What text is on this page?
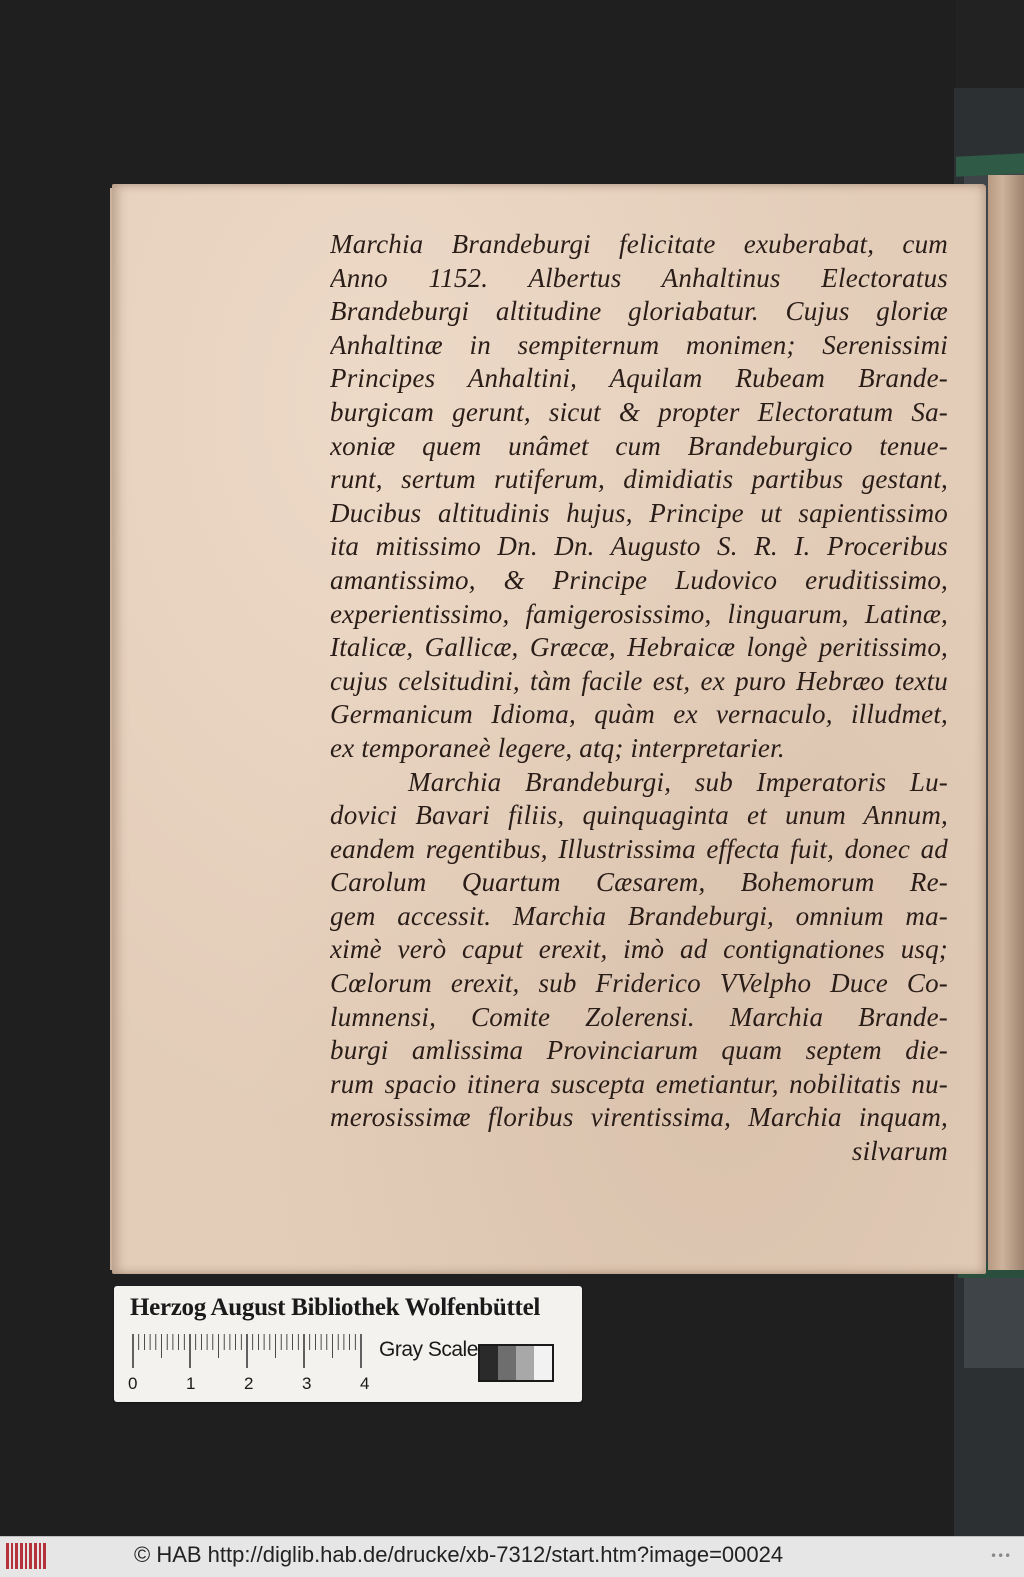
Marchia Brandeburgi felicitate exuberabat, cum
Anno 1152. Albertus Anhaltinus Electoratus
Brandeburgi altitudine gloriabatur. Cujus gloriæ
Anhaltinæ in sempiternum monimen; Serenissimi
Principes Anhaltini, Aquilam Rubeam Brande-
burgicam gerunt, sicut & propter Electoratum Sa-
xoniæ quem unâmet cum Brandeburgico tenue-
runt, sertum rutiferum, dimidiatis partibus gestant,
Ducibus altitudinis hujus, Principe ut sapientissimo
ita mitissimo Dn. Dn. Augusto S. R. I. Proceribus
amantissimo, & Principe Ludovico eruditissimo,
experientissimo, famigerosissimo, linguarum, Latinæ,
Italicæ, Gallicæ, Græcæ, Hebraicæ longè peritissimo,
cujus celsitudini, tàm facile est, ex puro Hebræo textu
Germanicum Idioma, quàm ex vernaculo, illudmet,
ex temporaneè legere, atq; interpretarier.
Marchia Brandeburgi, sub Imperatoris Lu-
dovici Bavari filiis, quinquaginta et unum Annum,
eandem regentibus, Illustrissima effecta fuit, donec ad
Carolum Quartum Cæsarem, Bohemorum Re-
gem accessit. Marchia Brandeburgi, omnium ma-
ximè verò caput erexit, imò ad contignationes usq;
Cœlorum erexit, sub Friderico VVelpho Duce Co-
lumnensi, Comite Zolerensi. Marchia Brande-
burgi amlissima Provinciarum quam septem die-
rum spacio itinera suscepta emetiantur, nobilitatis nu-
merosissimæ floribus virentissima, Marchia inquam,
silvarum
Herzog August Bibliothek Wolfenbüttel
0	1	2	3	4
Gray Scale
© HAB http://diglib.hab.de/drucke/xb-7312/start.htm?image=00024	•••
